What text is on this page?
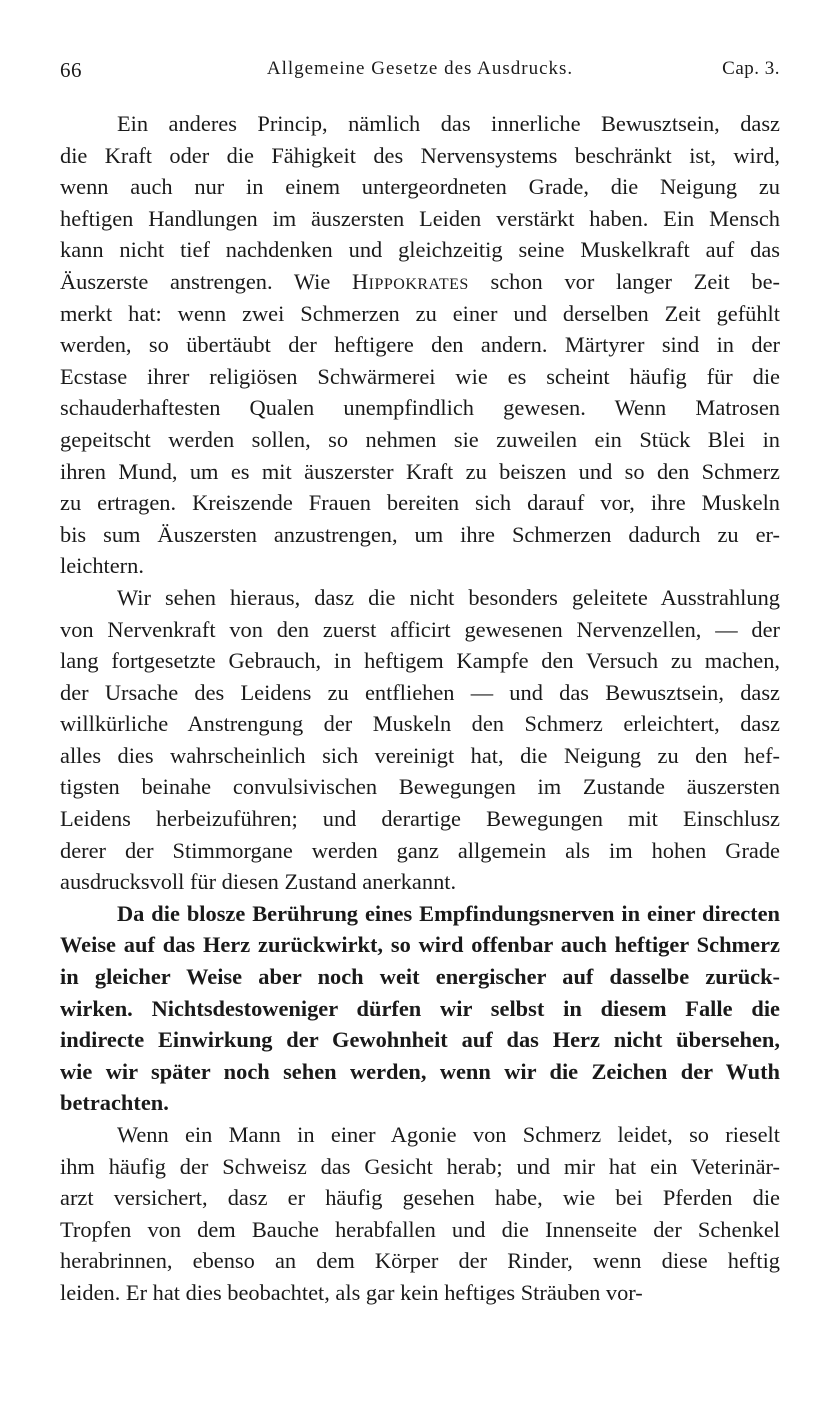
66	Allgemeine Gesetze des Ausdrucks.	Cap. 3.
Ein anderes Princip, nämlich das innerliche Bewusztsein, dasz
die Kraft oder die Fähigkeit des Nervensystems beschränkt ist, wird,
wenn auch nur in einem untergeordneten Grade, die Neigung zu
heftigen Handlungen im äuszersten Leiden verstärkt haben. Ein Mensch
kann nicht tief nachdenken und gleichzeitig seine Muskelkraft auf das
Äuszerste anstrengen. Wie Hippokrates schon vor langer Zeit be-
merkt hat: wenn zwei Schmerzen zu einer und derselben Zeit gefühlt
werden, so übertäubt der heftigere den andern. Märtyrer sind in der
Ecstase ihrer religiösen Schwärmerei wie es scheint häufig für die
schauderhaftesten Qualen unempfindlich gewesen. Wenn Matrosen
gepeitscht werden sollen, so nehmen sie zuweilen ein Stück Blei in
ihren Mund, um es mit äuszerster Kraft zu beiszen und so den Schmerz
zu ertragen. Kreiszende Frauen bereiten sich darauf vor, ihre Muskeln
bis sum Äuszersten anzustrengen, um ihre Schmerzen dadurch zu er-
leichtern.
Wir sehen hieraus, dasz die nicht besonders geleitete Ausstrahlung
von Nervenkraft von den zuerst afficirt gewesenen Nervenzellen, — der
lang fortgesetzte Gebrauch, in heftigem Kampfe den Versuch zu machen,
der Ursache des Leidens zu entfliehen — und das Bewusztsein, dasz
willkürliche Anstrengung der Muskeln den Schmerz erleichtert, dasz
alles dies wahrscheinlich sich vereinigt hat, die Neigung zu den hef-
tigsten beinahe convulsivischen Bewegungen im Zustande äuszersten
Leidens herbeizuführen; und derartige Bewegungen mit Einschlusz
derer der Stimmorgane werden ganz allgemein als im hohen Grade
ausdrucksvoll für diesen Zustand anerkannt.
Da die blosze Berührung eines Empfindungsnerven in einer directen
Weise auf das Herz zurückwirkt, so wird offenbar auch heftiger Schmerz
in gleicher Weise aber noch weit energischer auf dasselbe zurück-
wirken. Nichtsdestoweniger dürfen wir selbst in diesem Falle die
indirecte Einwirkung der Gewohnheit auf das Herz nicht übersehen,
wie wir später noch sehen werden, wenn wir die Zeichen der Wuth
betrachten.
Wenn ein Mann in einer Agonie von Schmerz leidet, so rieselt
ihm häufig der Schweisz das Gesicht herab; und mir hat ein Veterinär-
arzt versichert, dasz er häufig gesehen habe, wie bei Pferden die
Tropfen von dem Bauche herabfallen und die Innenseite der Schenkel
herabrinnen, ebenso an dem Körper der Rinder, wenn diese heftig
leiden. Er hat dies beobachtet, als gar kein heftiges Sträuben vor-
